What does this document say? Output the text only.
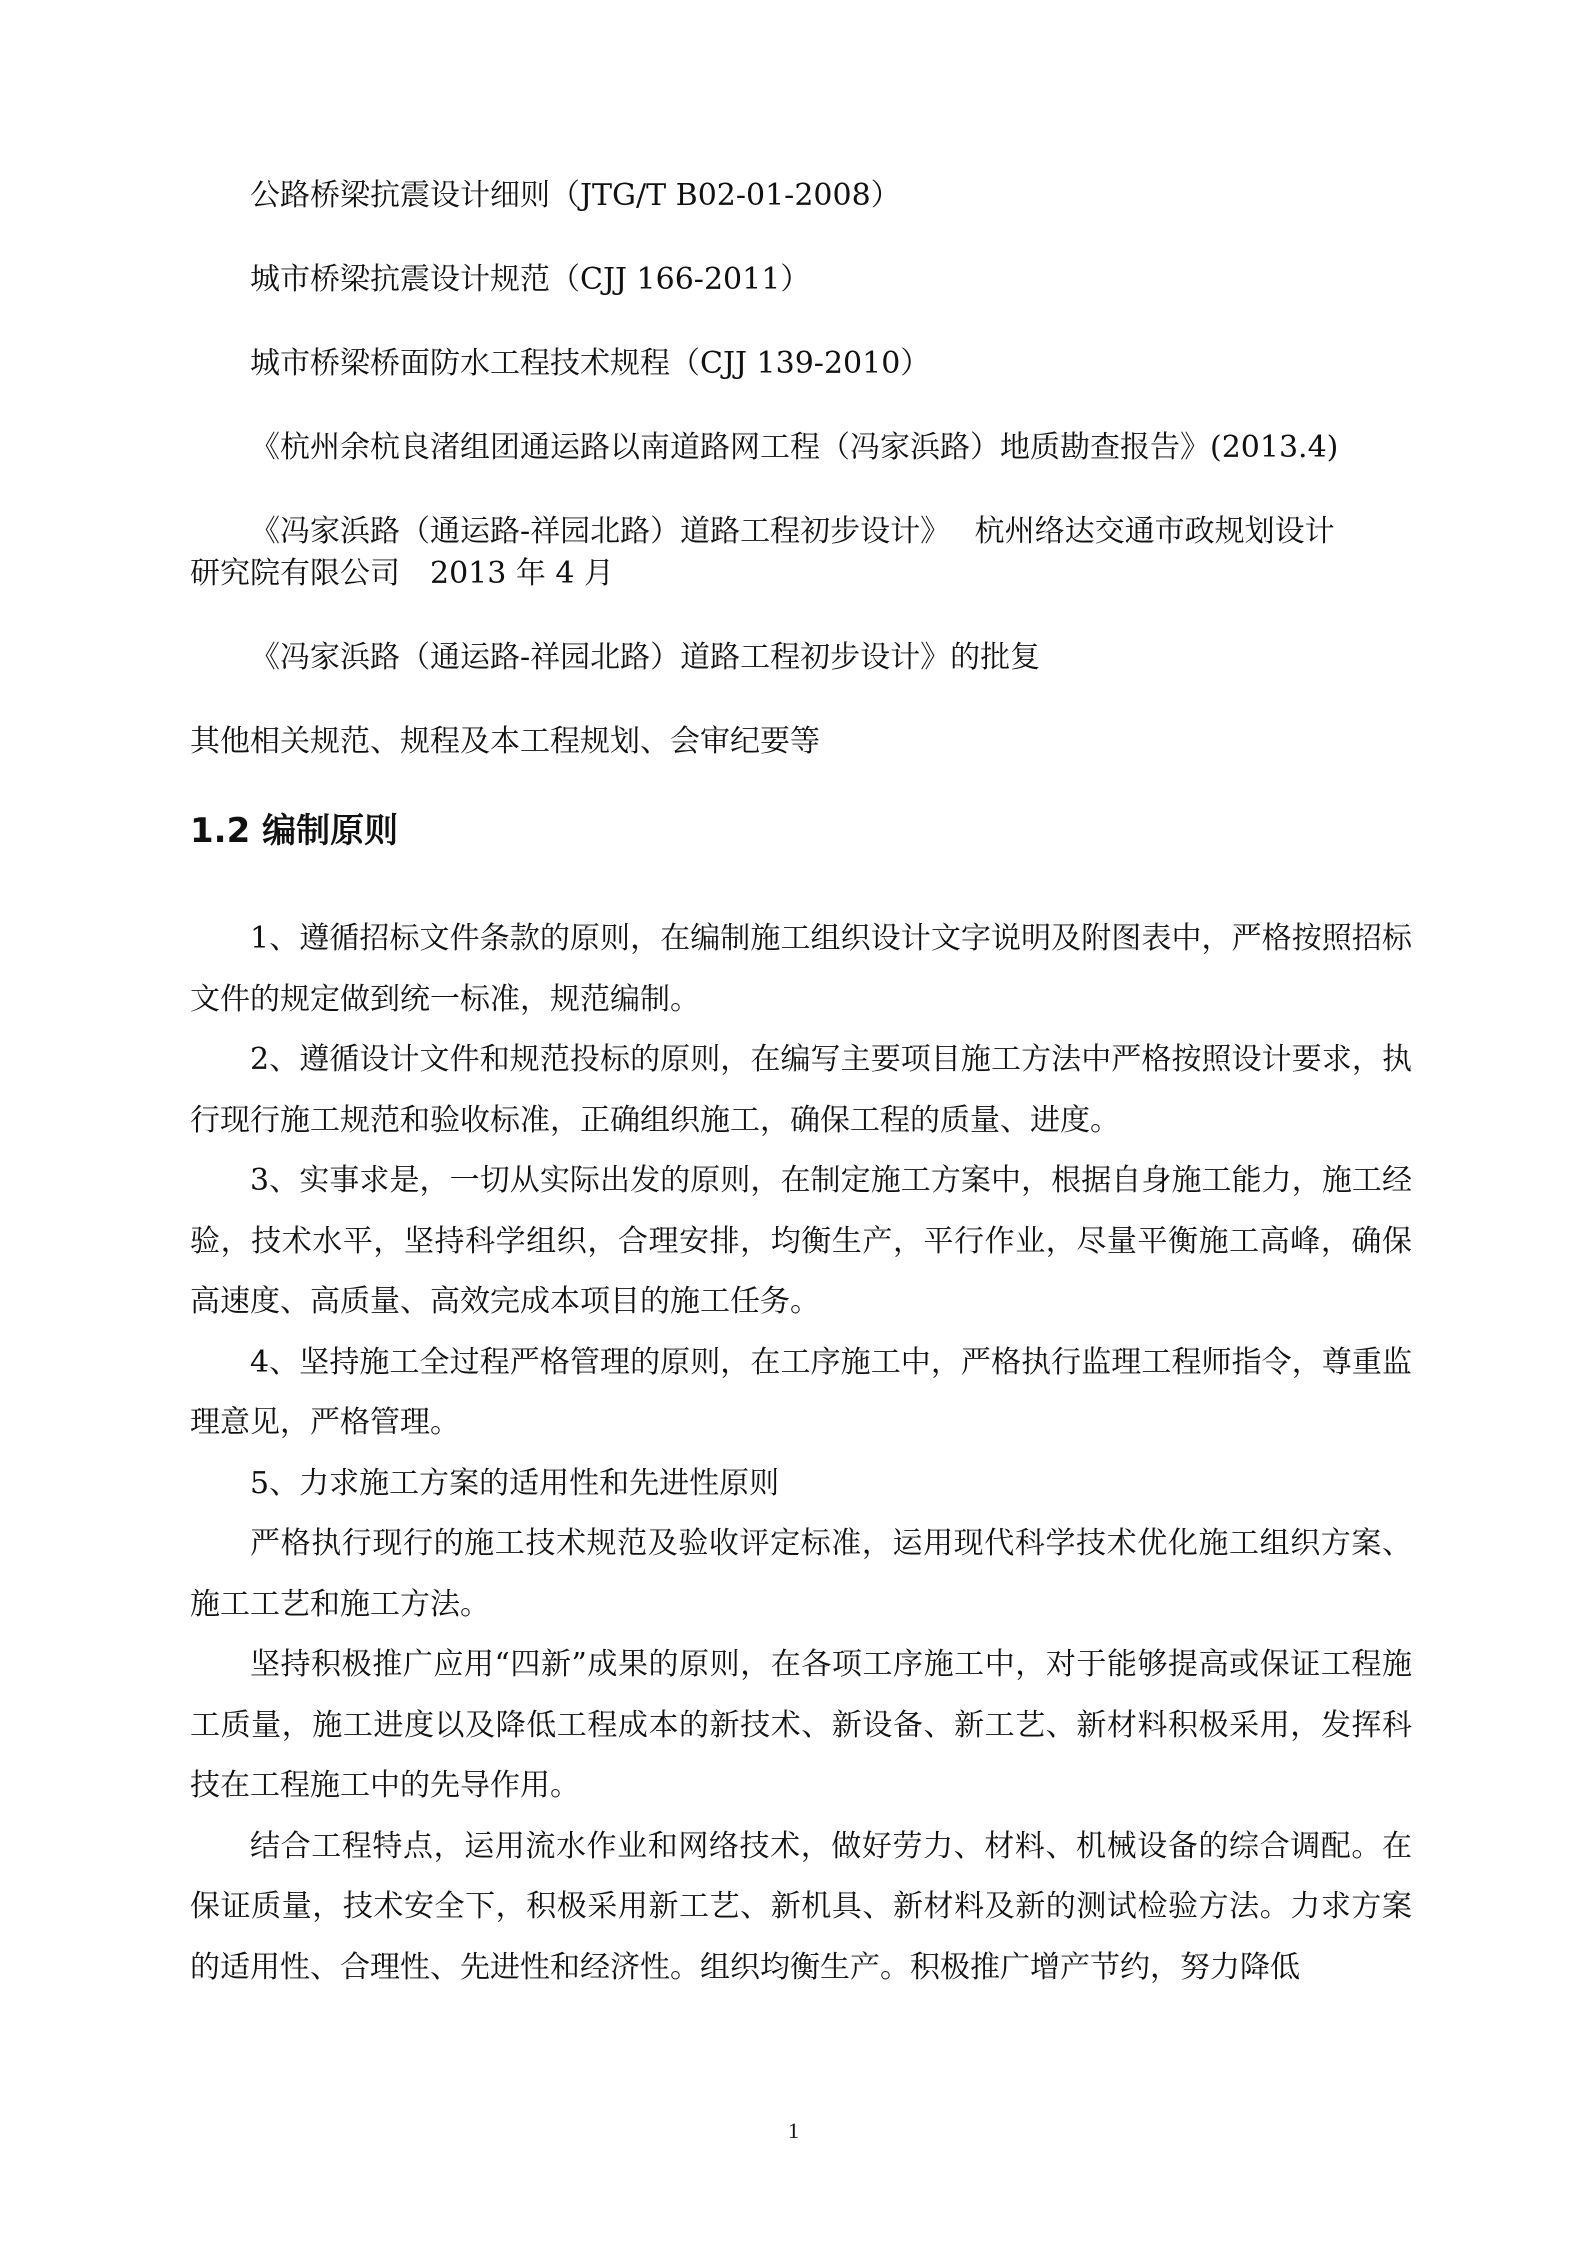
公路桥梁抗震设计细则（JTG/T B02-01-2008）

城市桥梁抗震设计规范（CJJ 166-2011）

城市桥梁桥面防水工程技术规程（CJJ 139-2010）

《杭州余杭良渚组团通运路以南道路网工程（冯家浜路）地质勘查报告》(2013.4)

《冯家浜路（通运路-祥园北路）道路工程初步设计》　 杭州络达交通市政规划设计

研究院有限公司　2013 年 4 月

《冯家浜路（通运路-祥园北路）道路工程初步设计》的批复

其他相关规范、规程及本工程规划、会审纪要等

1.2 编制原则

1、遵循招标文件条款的原则，在编制施工组织设计文字说明及附图表中，严格按照招标文件的规定做到统一标准，规范编制。

2、遵循设计文件和规范投标的原则，在编写主要项目施工方法中严格按照设计要求，执行现行施工规范和验收标准，正确组织施工，确保工程的质量、进度。

3、实事求是，一切从实际出发的原则，在制定施工方案中，根据自身施工能力，施工经验，技术水平，坚持科学组织，合理安排，均衡生产，平行作业，尽量平衡施工高峰，确保高速度、高质量、高效完成本项目的施工任务。

4、坚持施工全过程严格管理的原则，在工序施工中，严格执行监理工程师指令，尊重监理意见，严格管理。

5、力求施工方案的适用性和先进性原则

严格执行现行的施工技术规范及验收评定标准，运用现代科学技术优化施工组织方案、施工工艺和施工方法。

坚持积极推广应用“四新”成果的原则，在各项工序施工中，对于能够提高或保证工程施工质量，施工进度以及降低工程成本的新技术、新设备、新工艺、新材料积极采用，发挥科技在工程施工中的先导作用。

结合工程特点，运用流水作业和网络技术，做好劳力、材料、机械设备的综合调配。在保证质量，技术安全下，积极采用新工艺、新机具、新材料及新的测试检验方法。力求方案的适用性、合理性、先进性和经济性。组织均衡生产。积极推广增产节约，努力降低

1
